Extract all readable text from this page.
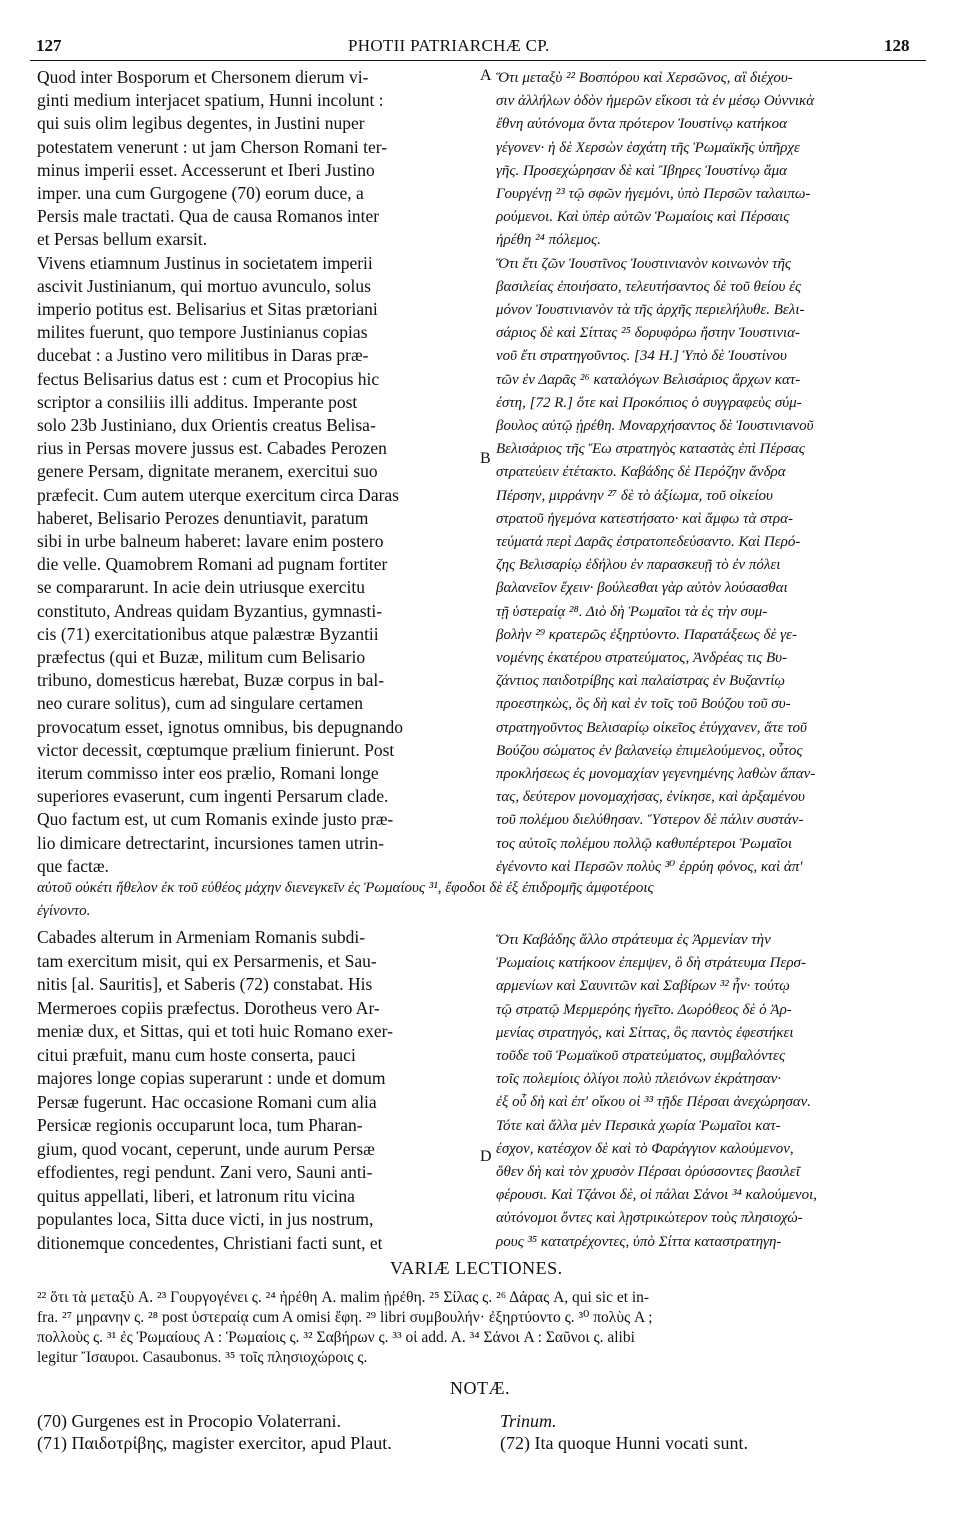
127	PHOTII PATRIARCHÆ CP.	128
A
B
D
Quod inter Bosporum et Chersonem dierum vi-
ginti medium interjacet spatium, Hunni incolunt :
qui suis olim legibus degentes, in Justini nuper
potestatem venerunt : ut jam Cherson Romani ter-
minus imperii esset. Accesserunt et Iberi Justino
imper. una cum Gurgogene (70) eorum duce, a
Persis male tractati. Qua de causa Romanos inter
et Persas bellum exarsit.
Vivens etiamnum Justinus in societatem imperii
ascivit Justinianum, qui mortuo avunculo, solus
imperio potitus est. Belisarius et Sitas prætoriani
milites fuerunt, quo tempore Justinianus copias
ducebat : a Justino vero militibus in Daras præ-
fectus Belisarius datus est : cum et Procopius hic
scriptor a consiliis illi additus. Imperante post
solo 23b Justiniano, dux Orientis creatus Belisa-
rius in Persas movere jussus est. Cabades Perozen
genere Persam, dignitate meranem, exercitui suo
præfecit. Cum autem uterque exercitum circa Daras
haberet, Belisario Perozes denuntiavit, paratum
sibi in urbe balneum haberet: lavare enim postero
die velle. Quamobrem Romani ad pugnam fortiter
se compararunt. In acie dein utriusque exercitu
constituto, Andreas quidam Byzantius, gymnasti-
cis (71) exercitationibus atque palæstræ Byzantii
præfectus (qui et Buzæ, militum cum Belisario
tribuno, domesticus hærebat, Buzæ corpus in bal-
neo curare solitus), cum ad singulare certamen
provocatum esset, ignotus omnibus, bis depugnando
victor decessit, cœptumque prælium finierunt. Post
iterum commisso inter eos prælio, Romani longe
superiores evaserunt, cum ingenti Persarum clade.
Quo factum est, ut cum Romanis exinde justo præ-
lio dimicare detrectarint, incursiones tamen utrin-
que factæ.
Ὅτι μεταξὺ ²² Βοσπόρου καὶ Χερσῶνος, αἳ διέχου-
σιν ἀλλήλων ὁδὸν ἡμερῶν εἴκοσι τὰ ἐν μέσῳ Οὐννικὰ
ἔθνη αὐτόνομα ὄντα πρότερον Ἰουστίνῳ κατήκοα
γέγονεν· ἡ δὲ Χερσὼν ἐσχάτη τῆς Ῥωμαϊκῆς ὑπῆρχε
γῆς. Προσεχώρησαν δὲ καὶ Ἴβηρες Ἰουστίνῳ ἅμα
Γουργένῃ ²³ τῷ σφῶν ἡγεμόνι, ὑπὸ Περσῶν ταλαιπω-
ρούμενοι. Καὶ ὑπὲρ αὐτῶν Ῥωμαίοις καὶ Πέρσαις
ἠρέθη ²⁴ πόλεμος.
Ὅτι ἔτι ζῶν Ἰουστῖνος Ἰουστινιανὸν κοινωνὸν τῆς
βασιλείας ἐποιήσατο, τελευτήσαντος δὲ τοῦ θείου ἐς
μόνον Ἰουστινιανὸν τὰ τῆς ἀρχῆς περιελήλυθε. Βελι-
σάριος δὲ καὶ Σίττας ²⁵ δορυφόρω ἤστην Ἰουστινια-
νοῦ ἔτι στρατηγοῦντος. [34 H.] Ὑπὸ δὲ Ἰουστίνου
τῶν ἐν Δαρᾶς ²⁶ καταλόγων Βελισάριος ἄρχων κατ-
έστη, [72 R.] ὅτε καὶ Προκόπιος ὁ συγγραφεὺς σύμ-
βουλος αὐτῷ ᾑρέθη. Μοναρχήσαντος δὲ Ἰουστινιανοῦ
Βελισάριος τῆς Ἕω στρατηγὸς καταστὰς ἐπὶ Πέρσας
στρατεύειν ἐτέτακτο. Καβάδης δὲ Περόζην ἄνδρα
Πέρσην, μιρράνην ²⁷ δὲ τὸ ἀξίωμα, τοῦ οἰκείου
στρατοῦ ἡγεμόνα κατεστήσατο· καὶ ἄμφω τὰ στρα-
τεύματά περὶ Δαρᾶς ἐστρατοπεδεύσαντο. Καὶ Περό-
ζης Βελισαρίῳ ἐδήλου ἐν παρασκευῇ τὸ ἐν πόλει
βαλανεῖον ἔχειν· βούλεσθαι γὰρ αὐτὸν λούσασθαι
τῇ ὑστεραίᾳ ²⁸. Διὸ δὴ Ῥωμαῖοι τὰ ἐς τὴν συμ-
βολὴν ²⁹ κρατερῶς ἐξηρτύοντο. Παρατάξεως δὲ γε-
νομένης ἑκατέρου στρατεύματος, Ἀνδρέας τις Βυ-
ζάντιος παιδοτρίβης καὶ παλαίστρας ἐν Βυζαντίῳ
προεστηκὼς, ὃς δὴ καὶ ἐν τοῖς τοῦ Βούζου τοῦ συ-
στρατηγοῦντος Βελισαρίῳ οἰκεῖος ἐτύγχανεν, ἅτε τοῦ
Βούζου σώματος ἐν βαλανείῳ ἐπιμελούμενος, οὗτος
προκλήσεως ἐς μονομαχίαν γεγενημένης λαθὼν ἅπαν-
τας, δεύτερον μονομαχήσας, ἐνίκησε, καὶ ἀρξαμένου
τοῦ πολέμου διελύθησαν. Ὕστερον δὲ πάλιν συστάν-
τος αὐτοῖς πολέμου πολλῷ καθυπέρτεροι Ῥωμαῖοι
ἐγένοντο καὶ Περσῶν πολὺς ³⁰ ἐρρύη φόνος, καὶ ἀπ'
αὐτοῦ οὐκέτι ἤθελον ἐκ τοῦ εὐθέος μάχην διενεγκεῖν ἐς Ῥωμαίους ³¹, ἔφοδοι δὲ ἐξ ἐπιδρομῆς ἀμφοτέροις
ἐγίνοντο.
Cabades alterum in Armeniam Romanis subdi-
tam exercitum misit, qui ex Persarmenis, et Sau-
nitis [al. Sauritis], et Saberis (72) constabat. His
Mermeroes copiis præfectus. Dorotheus vero Ar-
meniæ dux, et Sittas, qui et toti huic Romano exer-
citui præfuit, manu cum hoste conserta, pauci
majores longe copias superarunt : unde et domum
Persæ fugerunt. Hac occasione Romani cum alia
Persicæ regionis occuparunt loca, tum Pharan-
gium, quod vocant, ceperunt, unde aurum Persæ
effodientes, regi pendunt. Zani vero, Sauni anti-
quitus appellati, liberi, et latronum ritu vicina
populantes loca, Sitta duce victi, in jus nostrum,
ditionemque concedentes, Christiani facti sunt, et
Ὅτι Καβάδης ἄλλο στράτευμα ἐς Ἀρμενίαν τὴν
Ῥωμαίοις κατήκοον ἐπεμψεν, ὃ δὴ στράτευμα Περσ-
αρμενίων καὶ Σαυνιτῶν καὶ Σαβίρων ³² ἦν· τούτῳ
τῷ στρατῷ Μερμερόης ἡγεῖτο. Δωρόθεος δὲ ὁ Ἀρ-
μενίας στρατηγός, καὶ Σίττας, ὃς παντὸς ἐφεστήκει
τοῦδε τοῦ Ῥωμαϊκοῦ στρατεύματος, συμβαλόντες
τοῖς πολεμίοις ὀλίγοι πολὺ πλειόνων ἐκράτησαν·
ἐξ οὗ δὴ καὶ ἐπ' οἴκου οἱ ³³ τῇδε Πέρσαι ἀνεχώρησαν.
Τότε καὶ ἄλλα μὲν Περσικὰ χωρία Ῥωμαῖοι κατ-
έσχον, κατέσχον δὲ καὶ τὸ Φαράγγιον καλούμενον,
ὅθεν δὴ καὶ τὸν χρυσὸν Πέρσαι ὀρύσσοντες βασιλεῖ
φέρουσι. Καὶ Τζάνοι δὲ, οἱ πάλαι Σάνοι ³⁴ καλούμενοι,
αὐτόνομοι ὄντες καὶ λῃστρικώτερον τοὺς πλησιοχώ-
ρους ³⁵ κατατρέχοντες, ὑπὸ Σίττα καταστρατηγη-
VARIÆ LECTIONES.
²² ὅτι τὰ μεταξὺ A. ²³ Γουργογένει ς. ²⁴ ἠρέθη A. malim ᾑρέθη. ²⁵ Σίλας ς. ²⁶ Δάρας A, qui sic et in-
fra. ²⁷ μηρανην ς. ²⁸ post ὑστεραίᾳ cum A omisi ἔφη. ²⁹ libri συμβουλήν· ἐξηρτύοντο ς. ³⁰ πολὺς A ;
πολλοὺς ς. ³¹ ἐς Ῥωμαίους A : Ῥωμαίοις ς. ³² Σαβήρων ς. ³³ οἱ add. A. ³⁴ Σάνοι A : Σαῦνοι ς. alibi
legitur Ἴσαυροι. Casaubonus. ³⁵ τοῖς πλησιοχώροις ς.
NOTÆ.
(70) Gurgenes est in Procopio Volaterrani.
(71) Παιδοτρίβης, magister exercitor, apud Plaut.
Trinum.
(72) Ita quoque Hunni vocati sunt.
